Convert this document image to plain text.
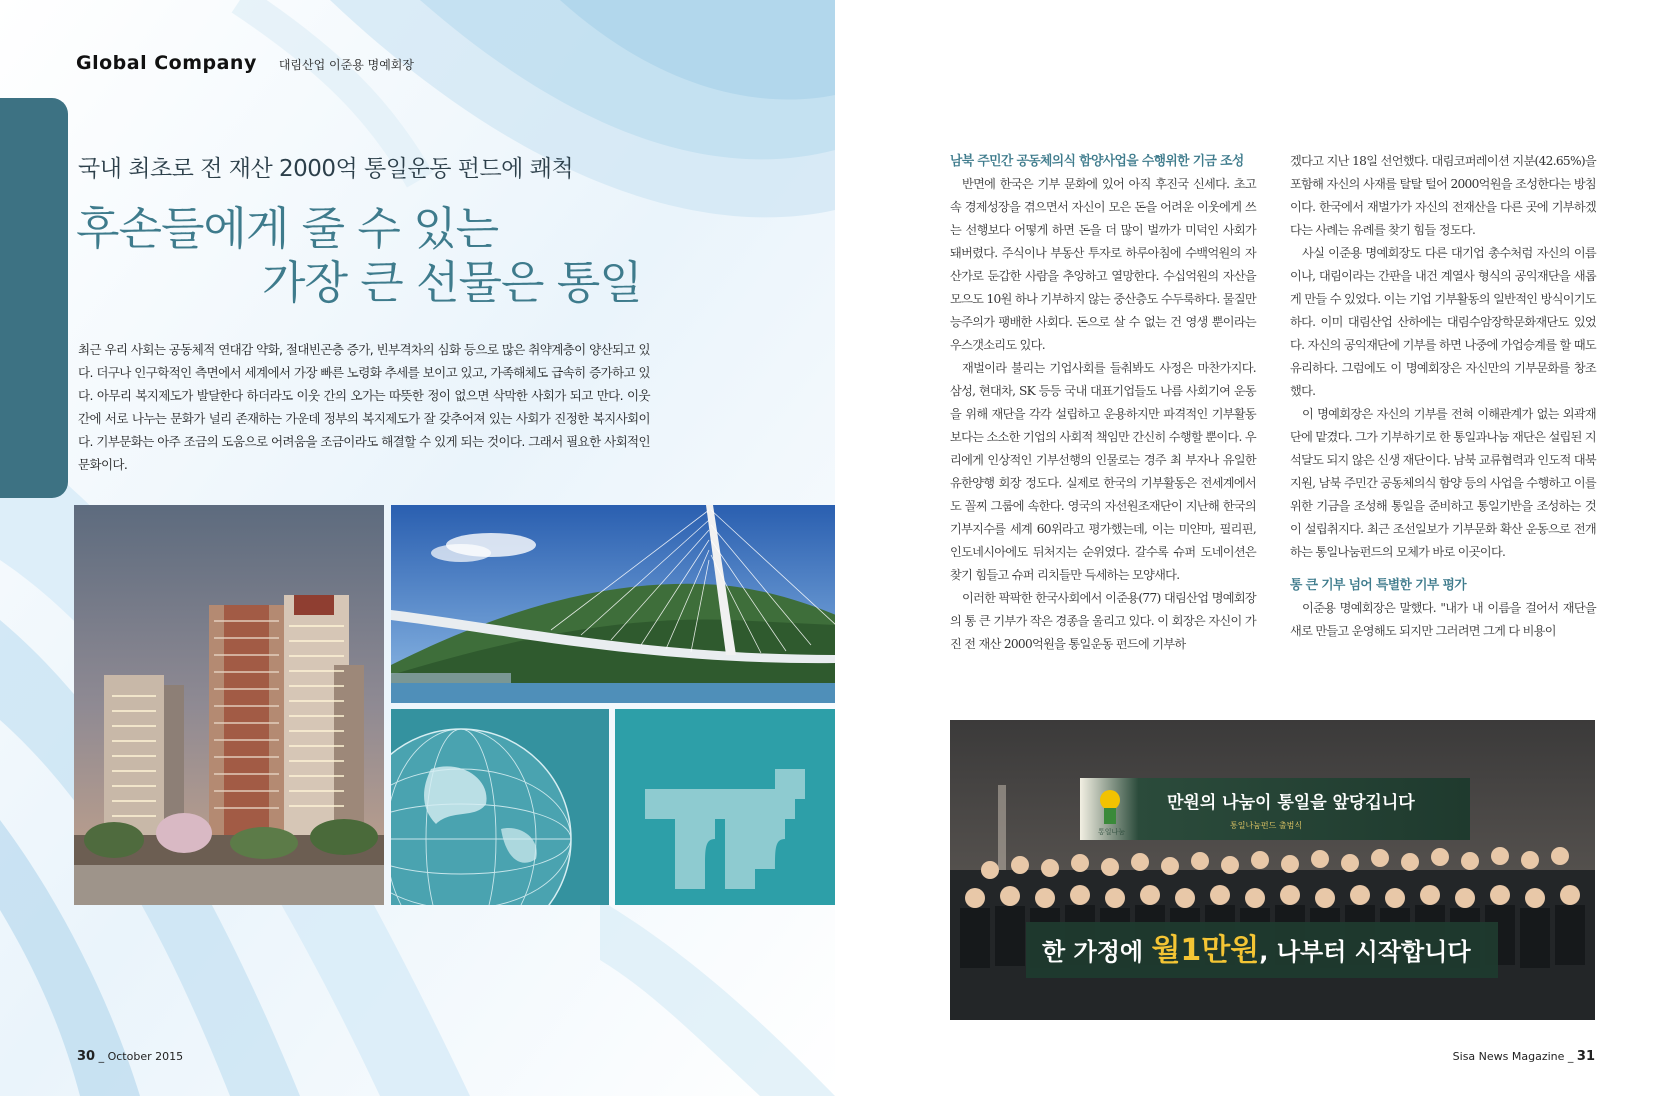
Global Company 대림산업 이준용 명예회장
국내 최초로 전 재산 2000억 통일운동 펀드에 쾌척
후손들에게 줄 수 있는
가장 큰 선물은 통일
최근 우리 사회는 공동체적 연대감 약화, 절대빈곤층 증가, 빈부격차의 심화 등으로 많은 취약계층이 양산되고 있다. 더구나 인구학적인 측면에서 세계에서 가장 빠른 노령화 추세를 보이고 있고, 가족해체도 급속히 증가하고 있다. 아무리 복지제도가 발달한다 하더라도 이웃 간의 오가는 따뜻한 정이 없으면 삭막한 사회가 되고 만다. 이웃 간에 서로 나누는 문화가 널리 존재하는 가운데 정부의 복지제도가 잘 갖추어져 있는 사회가 진정한 복지사회이다. 기부문화는 아주 조금의 도움으로 어려움을 조금이라도 해결할 수 있게 되는 것이다. 그래서 필요한 사회적인 문화이다.
30 _ October 2015
남북 주민간 공동체의식 함양사업을 수행위한 기금 조성

반면에 한국은 기부 문화에 있어 아직 후진국 신세다. 초고속 경제성장을 겪으면서 자신이 모은 돈을 어려운 이웃에게 쓰는 선행보다 어떻게 하면 돈을 더 많이 벌까가 미덕인 사회가 돼버렸다. 주식이나 부동산 투자로 하루아침에 수백억원의 자산가로 둔갑한 사람을 추앙하고 열망한다. 수십억원의 자산을 모으도 10원 하나 기부하지 않는 중산층도 수두룩하다. 물질만능주의가 팽배한 사회다. 돈으로 살 수 없는 건 영생 뿐이라는 우스갯소리도 있다.

재벌이라 불리는 기업사회를 들춰봐도 사정은 마찬가지다. 삼성, 현대차, SK 등등 국내 대표기업들도 나름 사회기여 운동을 위해 재단을 각각 설립하고 운용하지만 파격적인 기부활동 보다는 소소한 기업의 사회적 책임만 간신히 수행할 뿐이다. 우리에게 인상적인 기부선행의 인물로는 경주 최 부자나 유일한 유한양행 회장 정도다. 실제로 한국의 기부활동은 전세계에서도 꼴찌 그룹에 속한다. 영국의 자선원조재단이 지난해 한국의 기부지수를 세계 60위라고 평가했는데, 이는 미얀마, 필리핀, 인도네시아에도 뒤처지는 순위였다. 갈수록 슈퍼 도네이션은 찾기 힘들고 슈퍼 리치들만 득세하는 모양새다.

이러한 팍팍한 한국사회에서 이준용(77) 대림산업 명예회장의 통 큰 기부가 작은 경종을 울리고 있다. 이 회장은 자신이 가진 전 재산 2000억원을 통일운동 펀드에 기부하

겠다고 지난 18일 선언했다. 대림코퍼레이션 지분(42.65%)을 포함해 자신의 사재를 탈탈 털어 2000억원을 조성한다는 방침이다. 한국에서 재벌가가 자신의 전재산을 다른 곳에 기부하겠다는 사례는 유례를 찾기 힘들 정도다.

사실 이준용 명예회장도 다른 대기업 총수처럼 자신의 이름이나, 대림이라는 간판을 내건 계열사 형식의 공익재단을 새롭게 만들 수 있었다. 이는 기업 기부활동의 일반적인 방식이기도 하다. 이미 대림산업 산하에는 대림수암장학문화재단도 있었다. 자신의 공익재단에 기부를 하면 나중에 가업승계를 할 때도 유리하다. 그럼에도 이 명예회장은 자신만의 기부문화를 창조했다.

이 명예회장은 자신의 기부를 전혀 이해관계가 없는 외곽재단에 맡겼다. 그가 기부하기로 한 통일과나눔 재단은 설립된 지 석달도 되지 않은 신생 재단이다. 남북 교류협력과 인도적 대북지원, 남북 주민간 공동체의식 함양 등의 사업을 수행하고 이를 위한 기금을 조성해 통일을 준비하고 통일기반을 조성하는 것이 설립취지다. 최근 조선일보가 기부문화 확산 운동으로 전개하는 통일나눔펀드의 모체가 바로 이곳이다.

통 큰 기부 넘어 특별한 기부 평가

이준용 명예회장은 말했다. "내가 내 이름을 걸어서 재단을 새로 만들고 운영해도 되지만 그러려면 그게 다 비용이

통일나눔
만원의 나눔이 통일을 앞당깁니다
통일나눔펀드 출범식
한 가정에 월1만원, 나부터 시작합니다
Sisa News Magazine _ 31
